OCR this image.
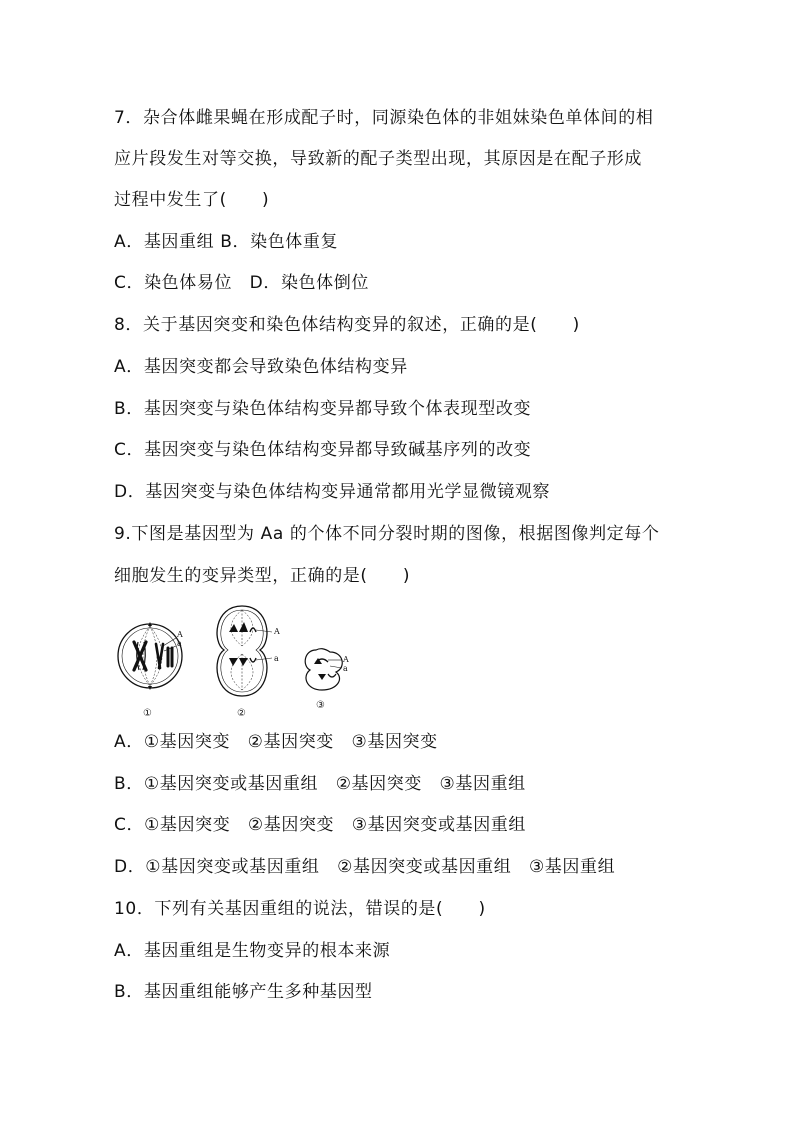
7．杂合体雌果蝇在形成配子时，同源染色体的非姐妹染色单体间的相
应片段发生对等交换，导致新的配子类型出现，其原因是在配子形成
过程中发生了(　　)
A．基因重组 B．染色体重复
C．染色体易位　D．染色体倒位
8．关于基因突变和染色体结构变异的叙述，正确的是(　　)
A．基因突变都会导致染色体结构变异
B．基因突变与染色体结构变异都导致个体表现型改变
C．基因突变与染色体结构变异都导致碱基序列的改变
D．基因突变与染色体结构变异通常都用光学显微镜观察
9.下图是基因型为 Aa 的个体不同分裂时期的图像，根据图像判定每个
细胞发生的变异类型，正确的是(　　)
A
a
①
A
a
②
A
a
③
A．①基因突变　②基因突变　③基因突变
B．①基因突变或基因重组　②基因突变　③基因重组
C．①基因突变　②基因突变　③基因突变或基因重组
D．①基因突变或基因重组　②基因突变或基因重组　③基因重组
10．下列有关基因重组的说法，错误的是(　　)
A．基因重组是生物变异的根本来源
B．基因重组能够产生多种基因型
